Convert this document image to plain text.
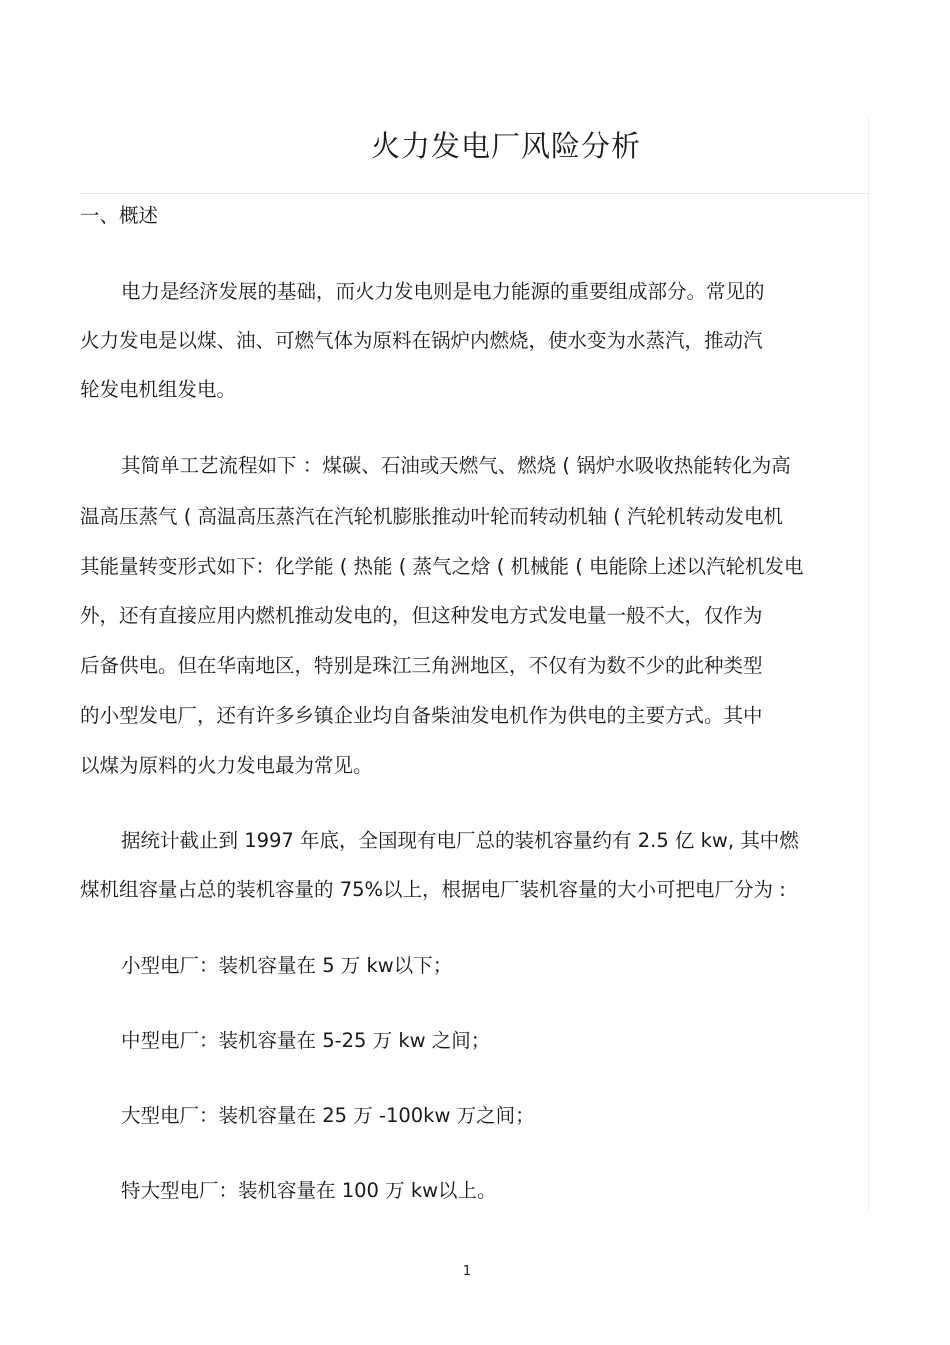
火力发电厂风险分析
一、概述
电力是经济发展的基础，而火力发电则是电力能源的重要组成部分。常见的
火力发电是以煤、油、可燃气体为原料在锅炉内燃烧，使水变为水蒸汽，推动汽
轮发电机组发电。
其简单工艺流程如下 ：煤碳、石油或天燃气、燃烧 ( 锅炉水吸收热能转化为高
温高压蒸气 ( 高温高压蒸汽在汽轮机膨胀推动叶轮而转动机轴 ( 汽轮机转动发电机
其能量转变形式如下：化学能 ( 热能 ( 蒸气之焓 ( 机械能 ( 电能除上述以汽轮机发电
外，还有直接应用内燃机推动发电的，但这种发电方式发电量一般不大，仅作为
后备供电。但在华南地区，特别是珠江三角洲地区，不仅有为数不少的此种类型
的小型发电厂，还有许多乡镇企业均自备柴油发电机作为供电的主要方式。其中
以煤为原料的火力发电最为常见。
据统计截止到 1997 年底，全国现有电厂总的装机容量约有 2.5 亿 kw, 其中燃
煤机组容量占总的装机容量的 75%以上，根据电厂装机容量的大小可把电厂分为 :
小型电厂：装机容量在 5 万 kw以下；
中型电厂：装机容量在 5-25 万 kw 之间；
大型电厂：装机容量在 25 万 -100kw 万之间；
特大型电厂：装机容量在 100 万 kw以上。
1
